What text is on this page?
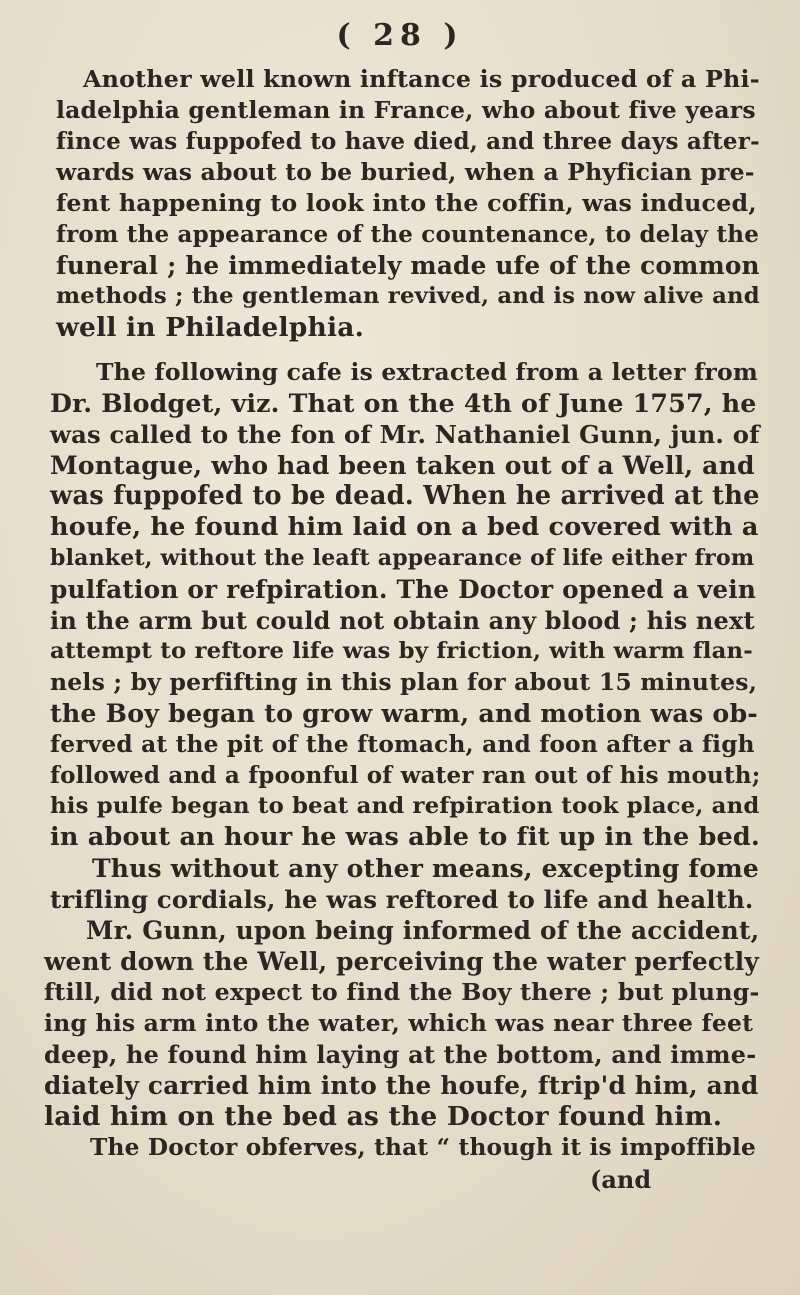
( 28 )
Another well known inftance is produced of a Phi-
ladelphia gentleman in France, who about five years
fince was fuppofed to have died, and three days after-
wards was about to be buried, when a Phyfician pre-
fent happening to look into the coffin, was induced,
from the appearance of the countenance, to delay the
funeral ; he immediately made ufe of the common
methods ; the gentleman revived, and is now alive and
well in Philadelphia.
The following cafe is extracted from a letter from
Dr. Blodget, viz. That on the 4th of June 1757, he
was called to the fon of Mr. Nathaniel Gunn, jun. of
Montague, who had been taken out of a Well, and
was fuppofed to be dead. When he arrived at the
houfe, he found him laid on a bed covered with a
blanket, without the leaft appearance of life either from
pulfation or refpiration. The Doctor opened a vein
in the arm but could not obtain any blood ; his next
attempt to reftore life was by friction, with warm flan-
nels ; by perfifting in this plan for about 15 minutes,
the Boy began to grow warm, and motion was ob-
ferved at the pit of the ftomach, and foon after a figh
followed and a fpoonful of water ran out of his mouth;
his pulfe began to beat and refpiration took place, and
in about an hour he was able to fit up in the bed.
Thus without any other means, excepting fome
trifling cordials, he was reftored to life and health.
Mr. Gunn, upon being informed of the accident,
went down the Well, perceiving the water perfectly
ftill, did not expect to find the Boy there ; but plung-
ing his arm into the water, which was near three feet
deep, he found him laying at the bottom, and imme-
diately carried him into the houfe, ftrip'd him, and
laid him on the bed as the Doctor found him.
The Doctor obferves, that “ though it is impoffible
(and
